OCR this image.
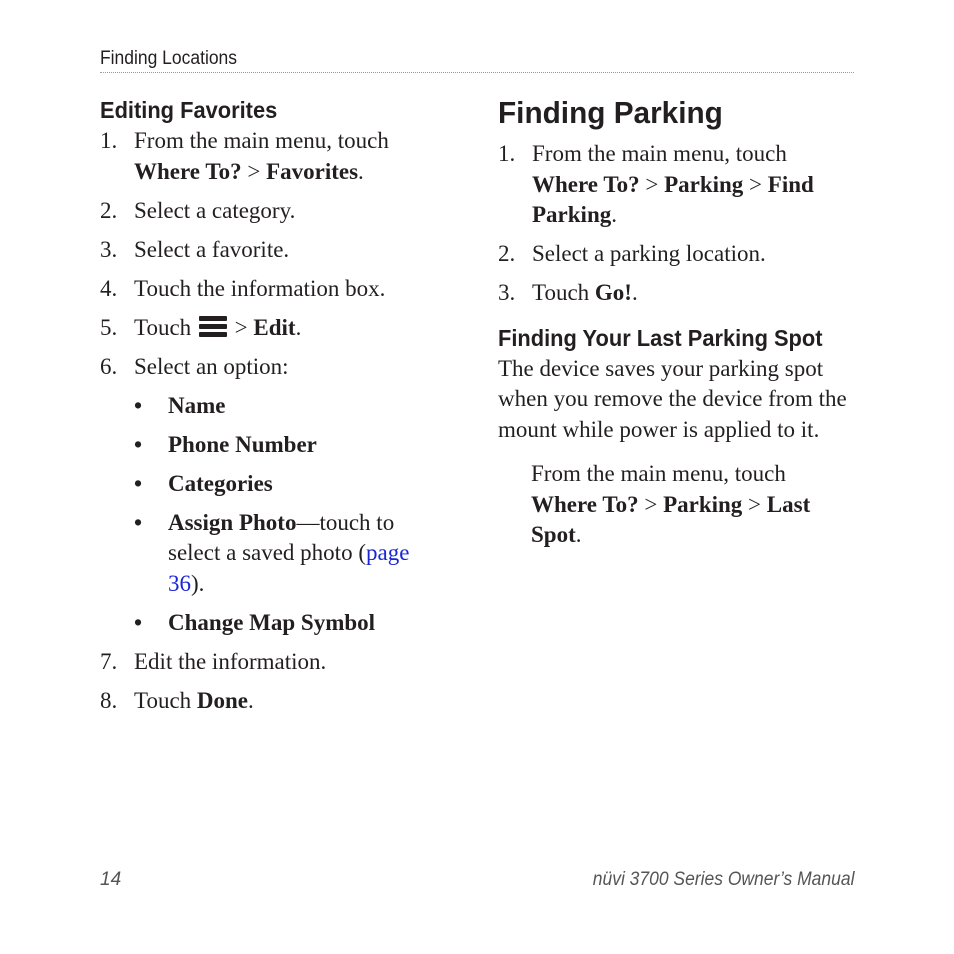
Finding Locations
Editing Favorites
1. From the main menu, touch
Where To? > Favorites.
2. Select a category.
3. Select a favorite.
4. Touch the information box.
5. Touch
> Edit.
6. Select an option:
•	Name
•	Phone Number
•	Categories
•	Assign Photo—touch to select a saved photo (page 36).
•	Change Map Symbol
7. Edit the information.
8. Touch Done.
Finding Parking
1. From the main menu, touch
Where To? > Parking > Find Parking.
2. Select a parking location.
3. Touch Go!.
Finding Your Last Parking Spot
The device saves your parking spot when you remove the device from the mount while power is applied to it.
From the main menu, touch
Where To? > Parking > Last Spot.
14	nüvi 3700 Series Owner’s Manual
